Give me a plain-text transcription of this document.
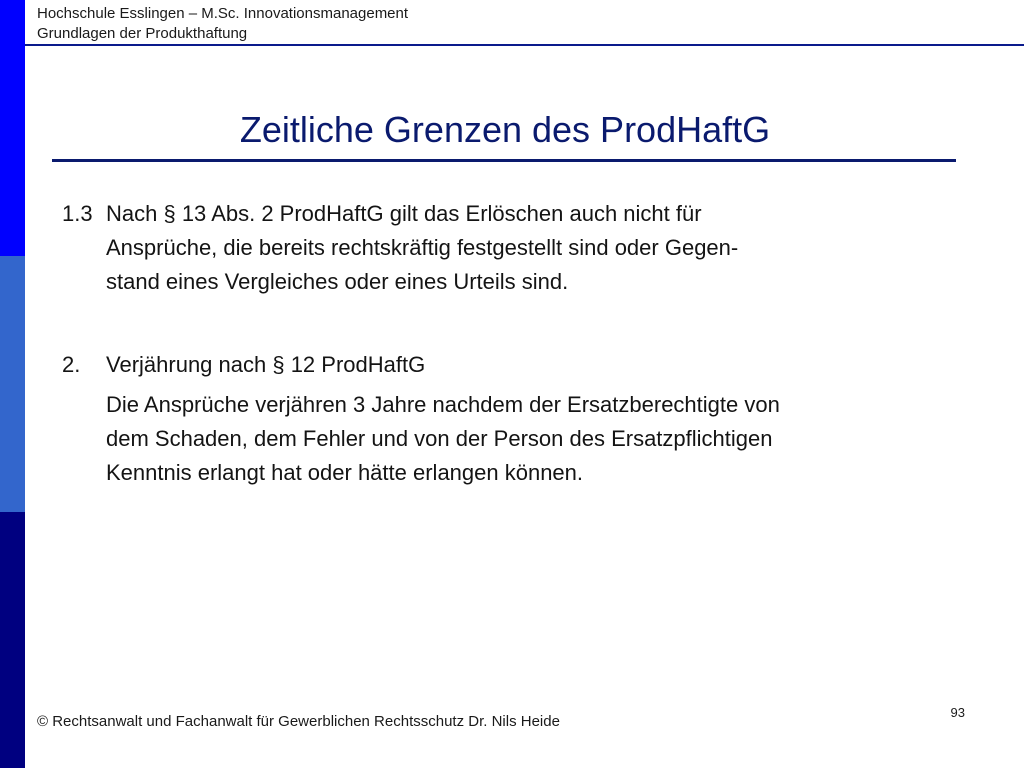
Hochschule Esslingen – M.Sc. Innovationsmanagement
Grundlagen der Produkthaftung
Zeitliche Grenzen des ProdHaftG
1.3 Nach § 13 Abs. 2 ProdHaftG gilt das Erlöschen auch nicht für
Ansprüche, die bereits rechtskräftig festgestellt sind oder Gegen-
stand eines Vergleiches oder eines Urteils sind.
2. Verjährung nach § 12 ProdHaftG
Die Ansprüche verjähren 3 Jahre nachdem der Ersatzberechtigte von
dem Schaden, dem Fehler und von der Person des Ersatzpflichtigen
Kenntnis erlangt hat oder hätte erlangen können.
© Rechtsanwalt und Fachanwalt für Gewerblichen Rechtsschutz Dr. Nils Heide
93
